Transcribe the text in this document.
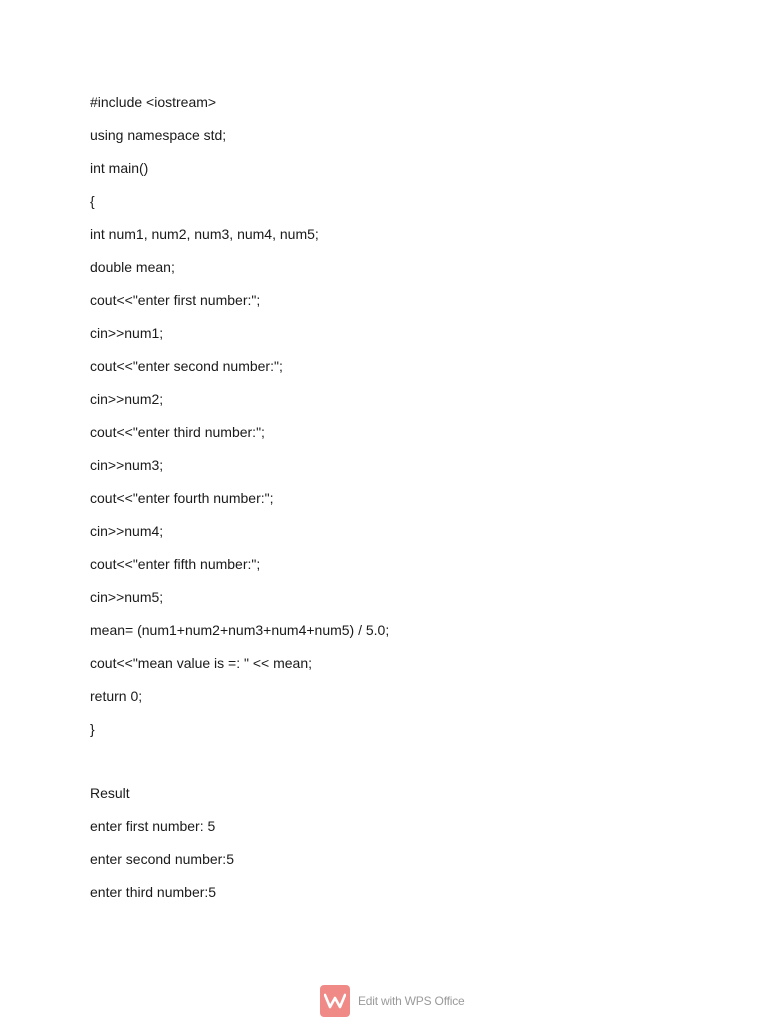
#include <iostream>
using namespace std;
int main()
{
int num1, num2, num3, num4, num5;
double mean;
cout<<"enter first number:";
cin>>num1;
cout<<"enter second number:";
cin>>num2;
cout<<"enter third number:";
cin>>num3;
cout<<"enter fourth number:";
cin>>num4;
cout<<"enter fifth number:";
cin>>num5;
mean= (num1+num2+num3+num4+num5) / 5.0;
cout<<"mean value is =: " << mean;
return 0;
}
Result
enter first number: 5
enter second number:5
enter third number:5
Edit with WPS Office
